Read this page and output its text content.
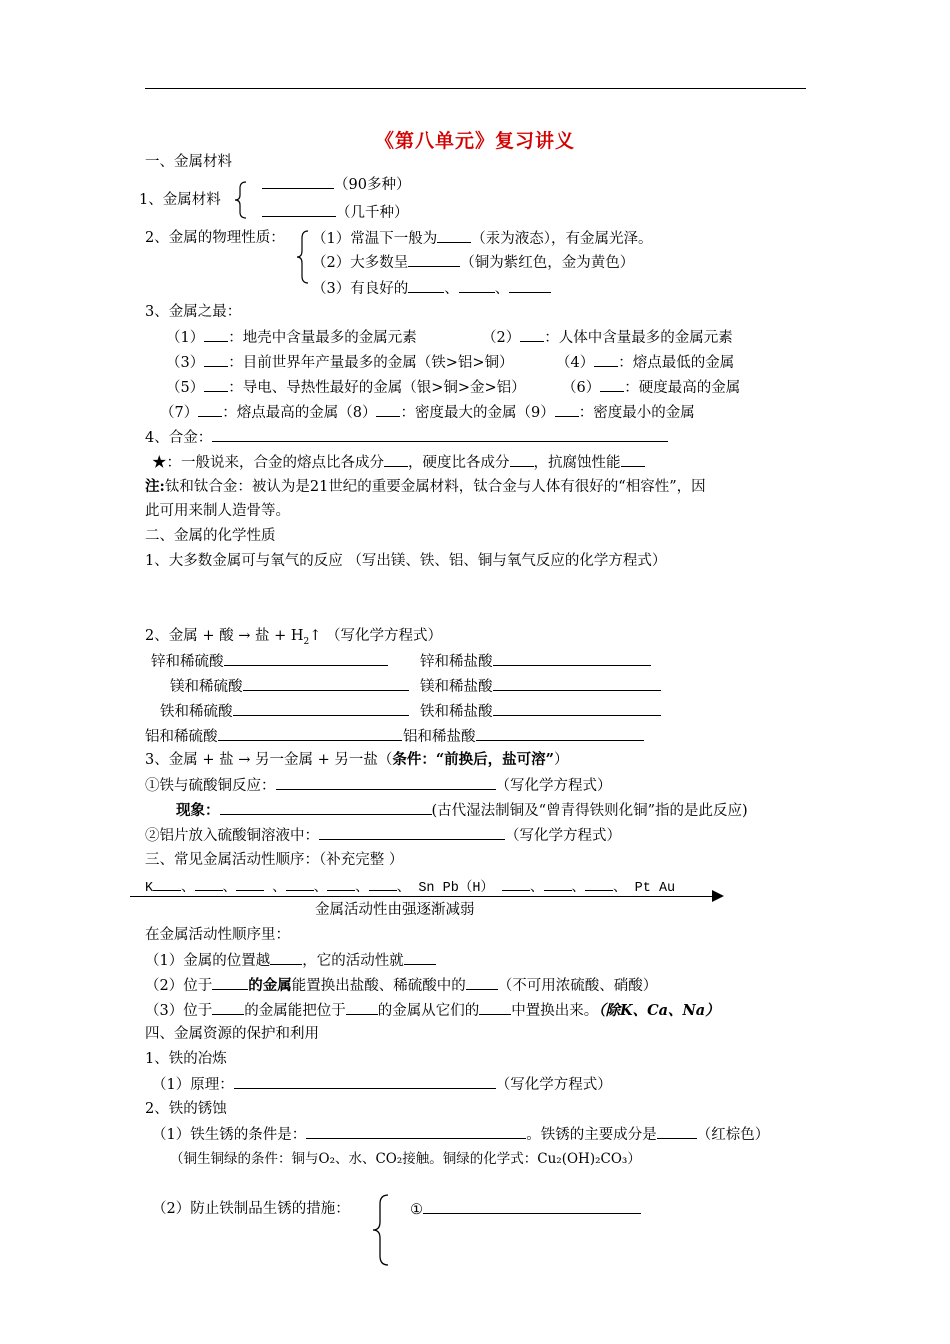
《第八单元》复习讲义
一、金属材料
1、金属材料
（90多种）
（几千种）
2、金属的物理性质： （1）常温下一般为 （汞为液态），有金属光泽。
（2）大多数呈	（铜为紫红色，金为黄色）
（3）有良好的 、 、
3、金属之最：
（1） ：地壳中含量最多的金属元素	（2） ：人体中含量最多的金属元素
（3） ：目前世界年产量最多的金属（铁>铝>铜）	（4） ：熔点最低的金属
（5） ：导电、导热性最好的金属（银>铜>金>铝）	（6） ：硬度最高的金属
（7） ：熔点最高的金属（8） ：密度最大的金属（9） ：密度最小的金属
4、合金：
★：一般说来，合金的熔点比各成分 ，硬度比各成分 ，抗腐蚀性能
注:钛和钛合金：被认为是21世纪的重要金属材料，钛合金与人体有很好的“相容性”，因
此可用来制人造骨等。
二、金属的化学性质
1、大多数金属可与氧气的反应 （写出镁、铁、铝、铜与氧气反应的化学方程式）
2、金属 + 酸 → 盐 + $H_2↑$ （写化学方程式）
锌和稀硫酸	锌和稀盐酸
镁和稀硫酸	镁和稀盐酸
铁和稀硫酸	铁和稀盐酸
铝和稀硫酸	铝和稀盐酸
3、金属 + 盐 → 另一金属 + 另一盐（条件：“前换后，盐可溶”）
①铁与硫酸铜反应：	（写化学方程式）
现象：	(古代湿法制铜及“曾青得铁则化铜”指的是此反应)
②铝片放入硫酸铜溶液中：	（写化学方程式）
三、常见金属活动性顺序：（补充完整 ）
K 、 、	、 、 、 、 Sn Pb（H）	、 、 、 Pt Au
金属活动性由强逐渐减弱
在金属活动性顺序里：
（1）金属的位置越 ，它的活动性就
（2）位于 的金属能置换出盐酸、稀硫酸中的 （不可用浓硫酸、硝酸）
（3）位于 的金属能把位于 的金属从它们的 中置换出来。（除K、Ca、Na）
四、金属资源的保护和利用
1、铁的冶炼
（1）原理：	（写化学方程式）
2、铁的锈蚀
（1）铁生锈的条件是：	。铁锈的主要成分是	（红棕色）
（铜生铜绿的条件：铜与O₂、水、CO₂接触。铜绿的化学式：Cu₂(OH)₂CO₃）
（2）防止铁制品生锈的措施：	①
